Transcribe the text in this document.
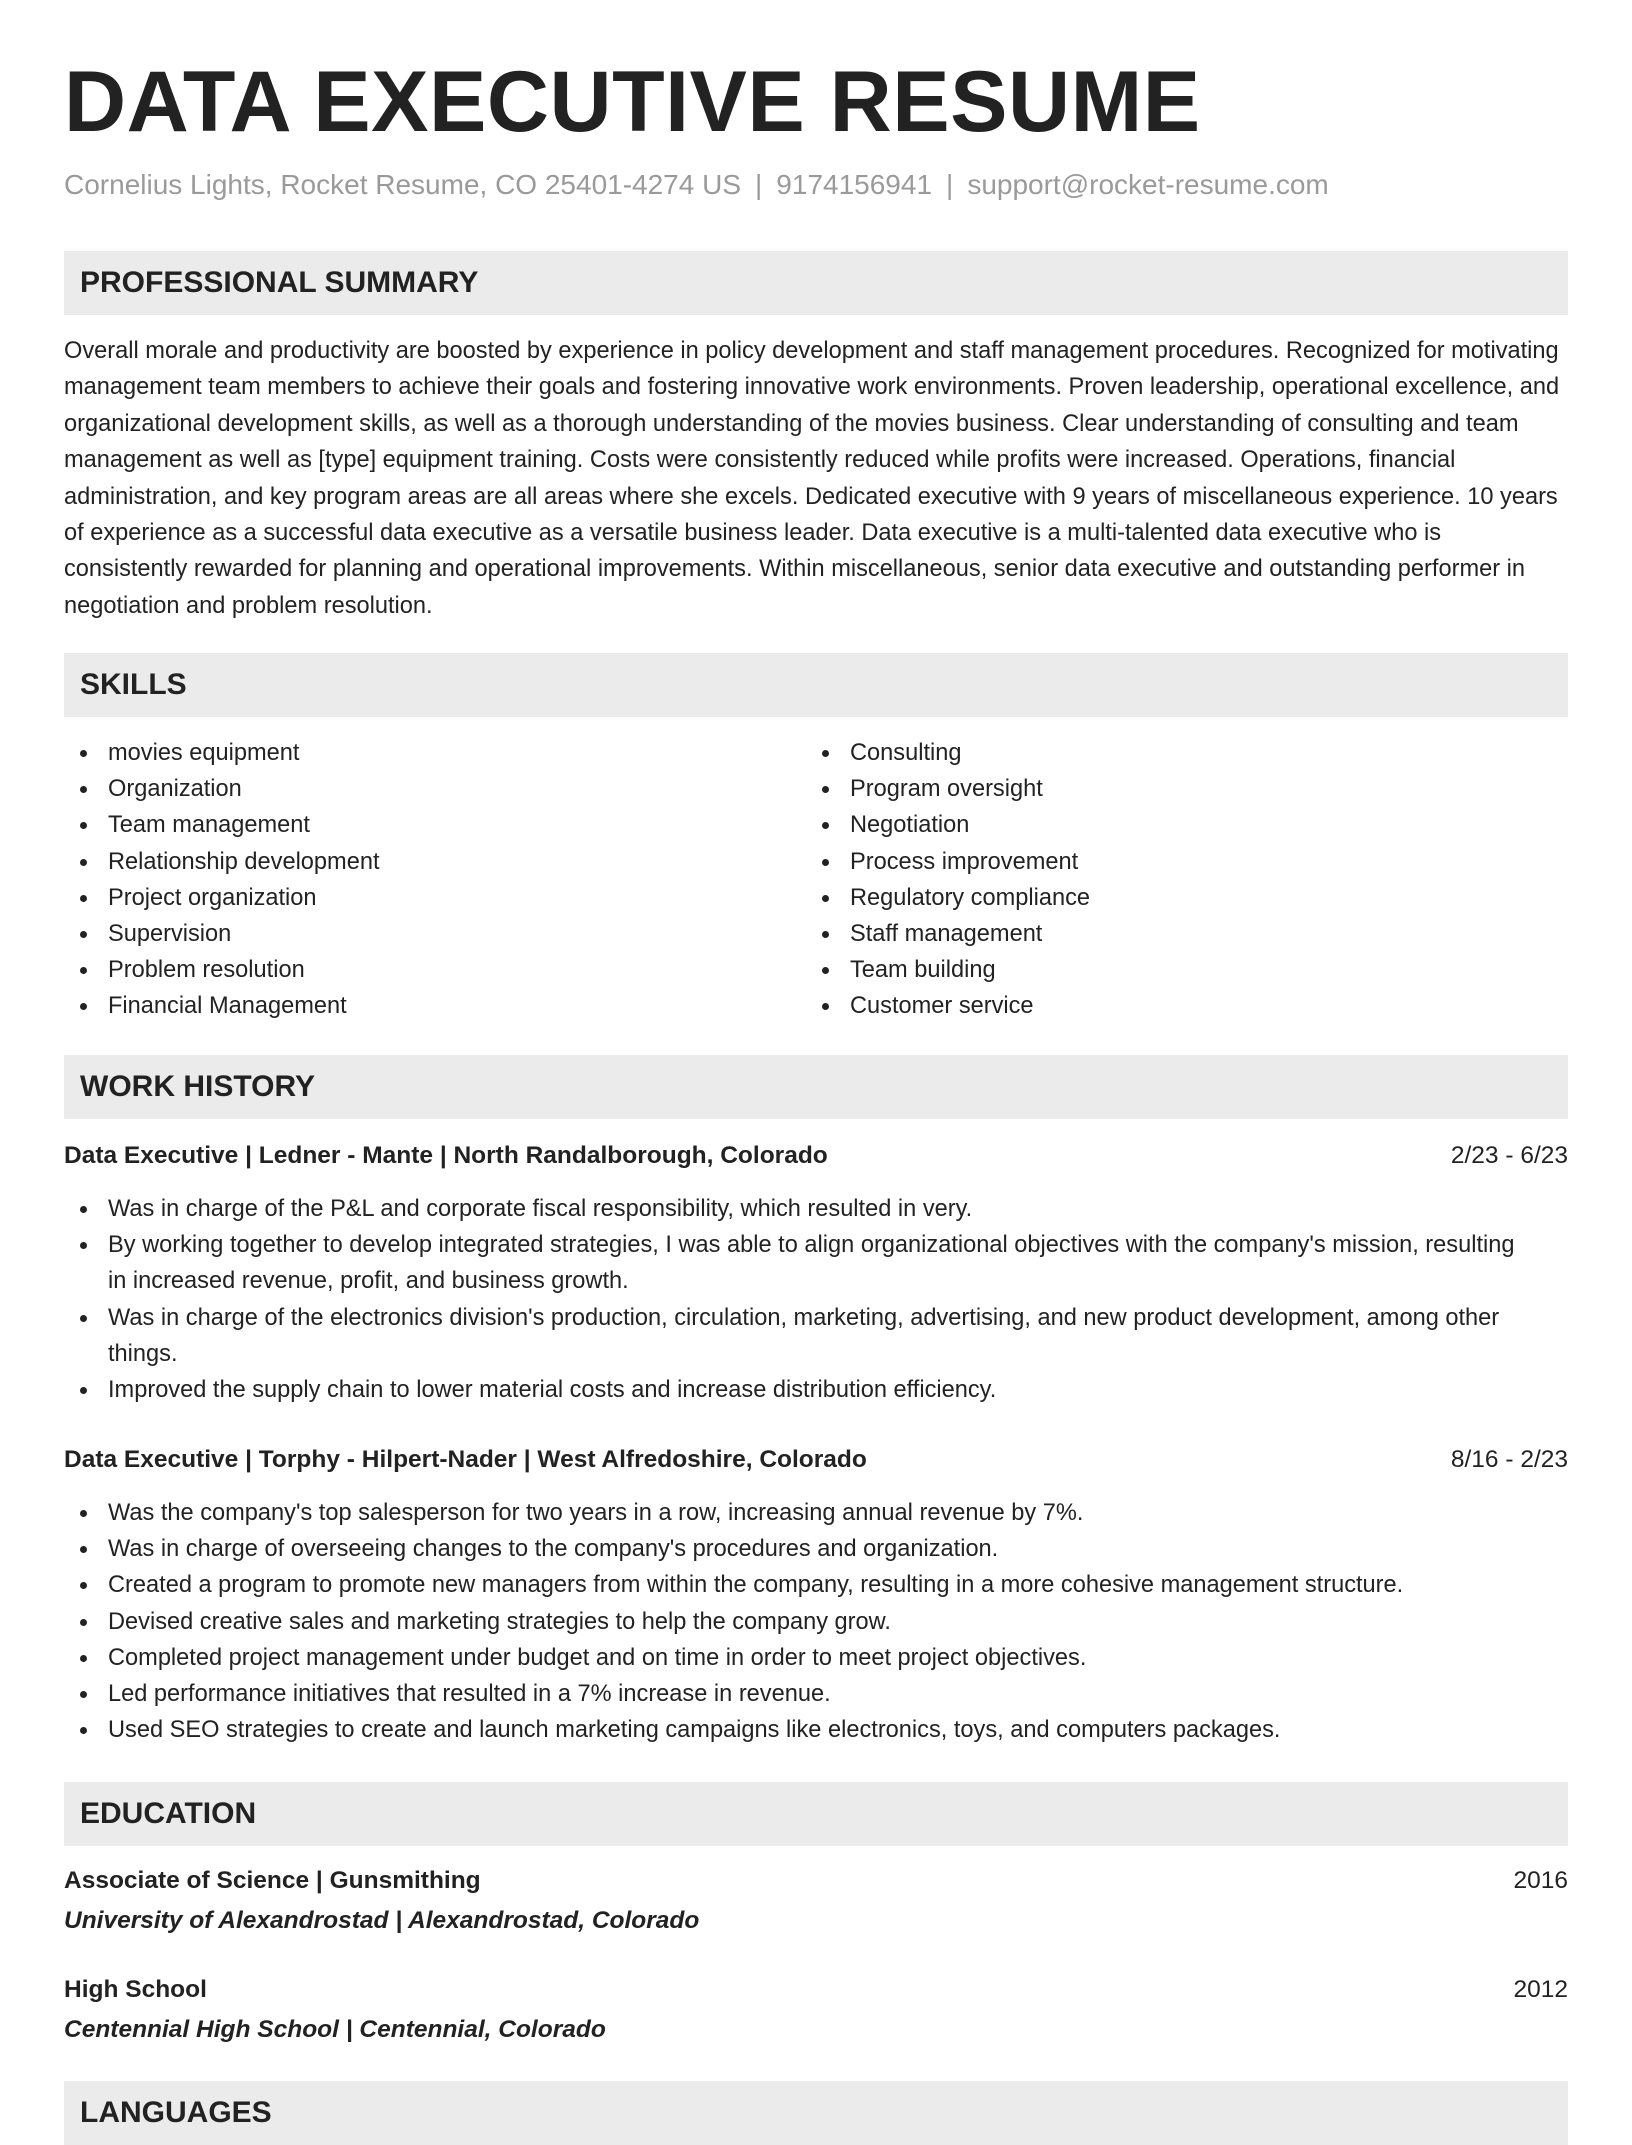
DATA EXECUTIVE RESUME
Cornelius Lights, Rocket Resume, CO 25401-4274 US | 9174156941 | support@rocket-resume.com
PROFESSIONAL SUMMARY

Overall morale and productivity are boosted by experience in policy development and staff management procedures. Recognized for motivating management team members to achieve their goals and fostering innovative work environments. Proven leadership, operational excellence, and organizational development skills, as well as a thorough understanding of the movies business. Clear understanding of consulting and team management as well as [type] equipment training. Costs were consistently reduced while profits were increased. Operations, financial administration, and key program areas are all areas where she excels. Dedicated executive with 9 years of miscellaneous experience. 10 years of experience as a successful data executive as a versatile business leader. Data executive is a multi-talented data executive who is consistently rewarded for planning and operational improvements. Within miscellaneous, senior data executive and outstanding performer in negotiation and problem resolution.

SKILLS
movies equipment
Organization
Team management
Relationship development
Project organization
Supervision
Problem resolution
Financial Management
Consulting
Program oversight
Negotiation
Process improvement
Regulatory compliance
Staff management
Team building
Customer service
WORK HISTORY
Data Executive | Ledner - Mante | North Randalborough, Colorado	2/23 - 6/23
Was in charge of the P&L and corporate fiscal responsibility, which resulted in very.
By working together to develop integrated strategies, I was able to align organizational objectives with the company's mission, resulting in increased revenue, profit, and business growth.
Was in charge of the electronics division's production, circulation, marketing, advertising, and new product development, among other things.
Improved the supply chain to lower material costs and increase distribution efficiency.
Data Executive | Torphy - Hilpert-Nader | West Alfredoshire, Colorado	8/16 - 2/23
Was the company's top salesperson for two years in a row, increasing annual revenue by 7%.
Was in charge of overseeing changes to the company's procedures and organization.
Created a program to promote new managers from within the company, resulting in a more cohesive management structure.
Devised creative sales and marketing strategies to help the company grow.
Completed project management under budget and on time in order to meet project objectives.
Led performance initiatives that resulted in a 7% increase in revenue.
Used SEO strategies to create and launch marketing campaigns like electronics, toys, and computers packages.
EDUCATION
Associate of Science | Gunsmithing	2016
University of Alexandrostad | Alexandrostad, Colorado
High School	2012
Centennial High School | Centennial, Colorado
LANGUAGES
